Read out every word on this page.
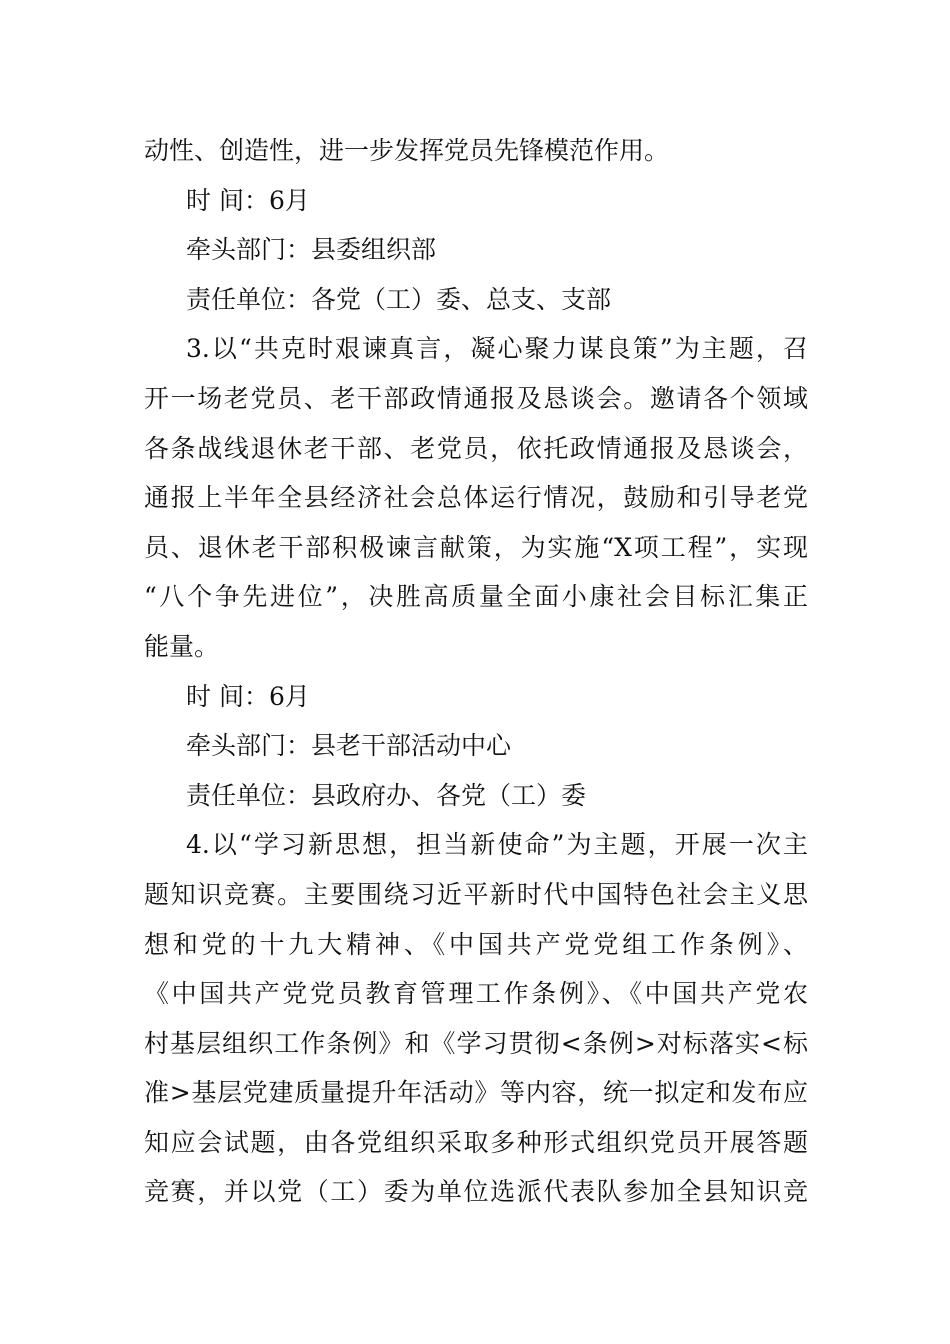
动性、创造性，进一步发挥党员先锋模范作用。
时 间：6月
牵头部门：县委组织部
责任单位：各党（工）委、总支、支部
3.以“共克时艰谏真言，凝心聚力谋良策”为主题，召
开一场老党员、老干部政情通报及恳谈会。邀请各个领域
各条战线退休老干部、老党员，依托政情通报及恳谈会，
通报上半年全县经济社会总体运行情况，鼓励和引导老党
员、退休老干部积极谏言献策，为实施“X项工程”，实现
“八个争先进位”，决胜高质量全面小康社会目标汇集正
能量。
时 间：6月
牵头部门：县老干部活动中心
责任单位：县政府办、各党（工）委
4.以“学习新思想，担当新使命”为主题，开展一次主
题知识竞赛。主要围绕习近平新时代中国特色社会主义思
想和党的十九大精神、《中国共产党党组工作条例》、
《中国共产党党员教育管理工作条例》、《中国共产党农
村基层组织工作条例》和《学习贯彻<条例>对标落实<标
准>基层党建质量提升年活动》等内容，统一拟定和发布应
知应会试题，由各党组织采取多种形式组织党员开展答题
竞赛，并以党（工）委为单位选派代表队参加全县知识竞
